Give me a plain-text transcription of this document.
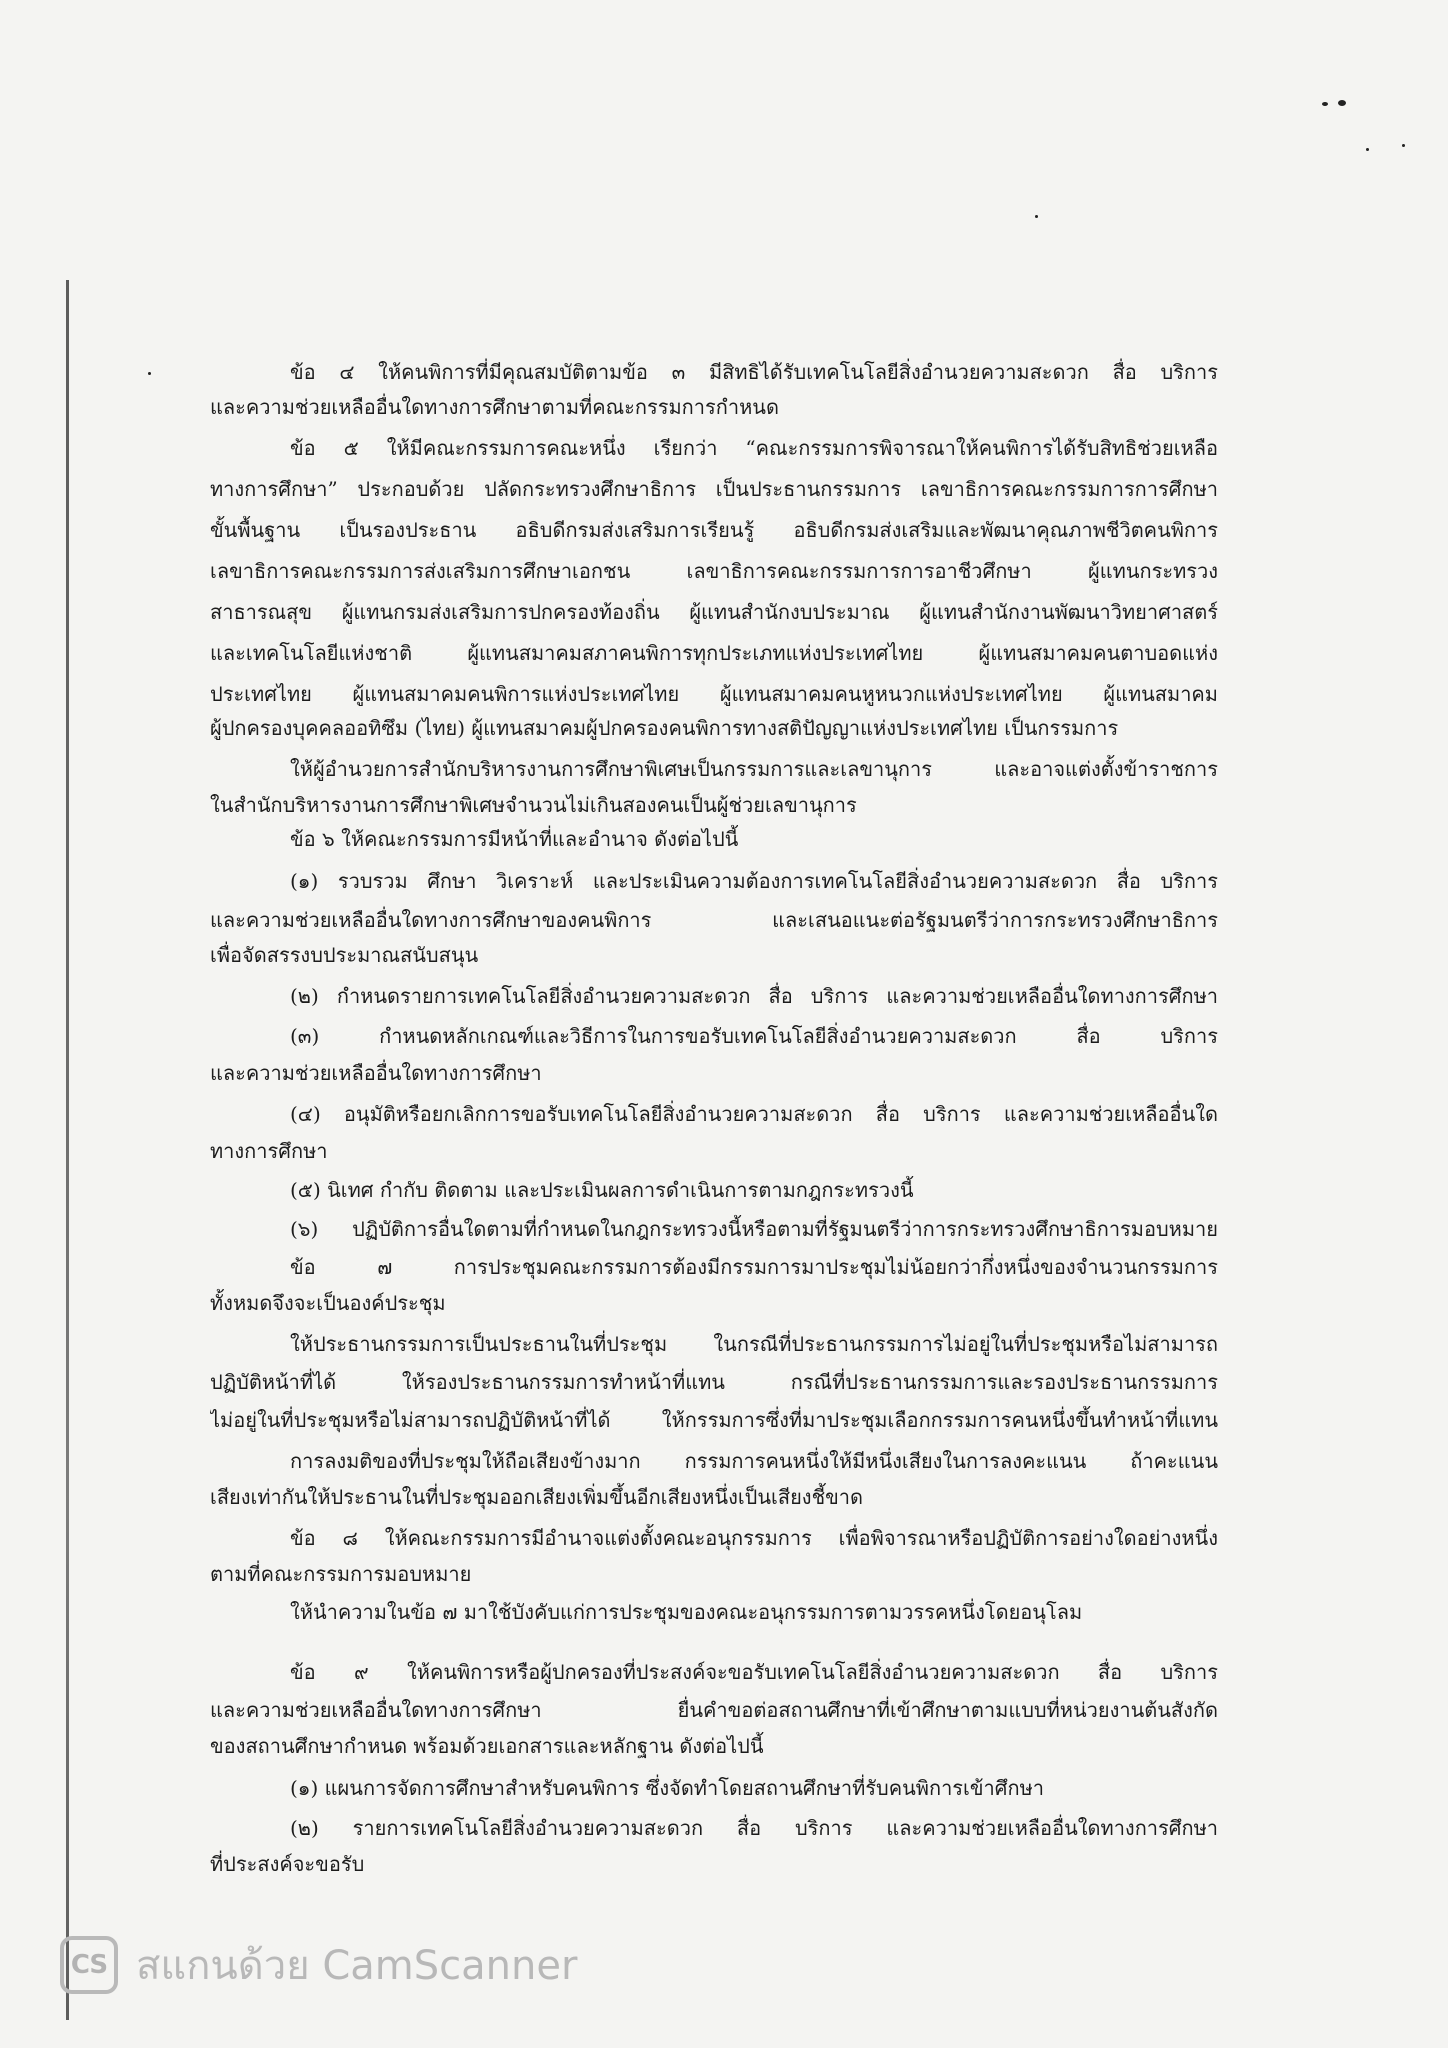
ข้อ ๔ ให้คนพิการที่มีคุณสมบัติตามข้อ ๓ มีสิทธิได้รับเทคโนโลยีสิ่งอำนวยความสะดวก สื่อ บริการ
และความช่วยเหลืออื่นใดทางการศึกษาตามที่คณะกรรมการกำหนด
ข้อ ๕ ให้มีคณะกรรมการคณะหนึ่ง เรียกว่า “คณะกรรมการพิจารณาให้คนพิการได้รับสิทธิช่วยเหลือ
ทางการศึกษา” ประกอบด้วย ปลัดกระทรวงศึกษาธิการ เป็นประธานกรรมการ เลขาธิการคณะกรรมการการศึกษา
ขั้นพื้นฐาน เป็นรองประธาน อธิบดีกรมส่งเสริมการเรียนรู้ อธิบดีกรมส่งเสริมและพัฒนาคุณภาพชีวิตคนพิการ
เลขาธิการคณะกรรมการส่งเสริมการศึกษาเอกชน เลขาธิการคณะกรรมการการอาชีวศึกษา ผู้แทนกระทรวง
สาธารณสุข ผู้แทนกรมส่งเสริมการปกครองท้องถิ่น ผู้แทนสำนักงบประมาณ ผู้แทนสำนักงานพัฒนาวิทยาศาสตร์
และเทคโนโลยีแห่งชาติ ผู้แทนสมาคมสภาคนพิการทุกประเภทแห่งประเทศไทย ผู้แทนสมาคมคนตาบอดแห่ง
ประเทศไทย ผู้แทนสมาคมคนพิการแห่งประเทศไทย ผู้แทนสมาคมคนหูหนวกแห่งประเทศไทย ผู้แทนสมาคม
ผู้ปกครองบุคคลออทิซึม (ไทย) ผู้แทนสมาคมผู้ปกครองคนพิการทางสติปัญญาแห่งประเทศไทย เป็นกรรมการ
ให้ผู้อำนวยการสำนักบริหารงานการศึกษาพิเศษเป็นกรรมการและเลขานุการ และอาจแต่งตั้งข้าราชการ
ในสำนักบริหารงานการศึกษาพิเศษจำนวนไม่เกินสองคนเป็นผู้ช่วยเลขานุการ
ข้อ ๖ ให้คณะกรรมการมีหน้าที่และอำนาจ ดังต่อไปนี้
(๑) รวบรวม ศึกษา วิเคราะห์ และประเมินความต้องการเทคโนโลยีสิ่งอำนวยความสะดวก สื่อ บริการ
และความช่วยเหลืออื่นใดทางการศึกษาของคนพิการ และเสนอแนะต่อรัฐมนตรีว่าการกระทรวงศึกษาธิการ
เพื่อจัดสรรงบประมาณสนับสนุน
(๒) กำหนดรายการเทคโนโลยีสิ่งอำนวยความสะดวก สื่อ บริการ และความช่วยเหลืออื่นใดทางการศึกษา
(๓) กำหนดหลักเกณฑ์และวิธีการในการขอรับเทคโนโลยีสิ่งอำนวยความสะดวก สื่อ บริการ
และความช่วยเหลืออื่นใดทางการศึกษา
(๔) อนุมัติหรือยกเลิกการขอรับเทคโนโลยีสิ่งอำนวยความสะดวก สื่อ บริการ และความช่วยเหลืออื่นใด
ทางการศึกษา
(๕) นิเทศ กำกับ ติดตาม และประเมินผลการดำเนินการตามกฎกระทรวงนี้
(๖) ปฏิบัติการอื่นใดตามที่กำหนดในกฎกระทรวงนี้หรือตามที่รัฐมนตรีว่าการกระทรวงศึกษาธิการมอบหมาย
ข้อ ๗ การประชุมคณะกรรมการต้องมีกรรมการมาประชุมไม่น้อยกว่ากึ่งหนึ่งของจำนวนกรรมการ
ทั้งหมดจึงจะเป็นองค์ประชุม
ให้ประธานกรรมการเป็นประธานในที่ประชุม ในกรณีที่ประธานกรรมการไม่อยู่ในที่ประชุมหรือไม่สามารถ
ปฏิบัติหน้าที่ได้ ให้รองประธานกรรมการทำหน้าที่แทน กรณีที่ประธานกรรมการและรองประธานกรรมการ
ไม่อยู่ในที่ประชุมหรือไม่สามารถปฏิบัติหน้าที่ได้ ให้กรรมการซึ่งที่มาประชุมเลือกกรรมการคนหนึ่งขึ้นทำหน้าที่แทน
การลงมติของที่ประชุมให้ถือเสียงข้างมาก กรรมการคนหนึ่งให้มีหนึ่งเสียงในการลงคะแนน ถ้าคะแนน
เสียงเท่ากันให้ประธานในที่ประชุมออกเสียงเพิ่มขึ้นอีกเสียงหนึ่งเป็นเสียงชี้ขาด
ข้อ ๘ ให้คณะกรรมการมีอำนาจแต่งตั้งคณะอนุกรรมการ เพื่อพิจารณาหรือปฏิบัติการอย่างใดอย่างหนึ่ง
ตามที่คณะกรรมการมอบหมาย
ให้นำความในข้อ ๗ มาใช้บังคับแก่การประชุมของคณะอนุกรรมการตามวรรคหนึ่งโดยอนุโลม
ข้อ ๙ ให้คนพิการหรือผู้ปกครองที่ประสงค์จะขอรับเทคโนโลยีสิ่งอำนวยความสะดวก สื่อ บริการ
และความช่วยเหลืออื่นใดทางการศึกษา ยื่นคำขอต่อสถานศึกษาที่เข้าศึกษาตามแบบที่หน่วยงานต้นสังกัด
ของสถานศึกษากำหนด พร้อมด้วยเอกสารและหลักฐาน ดังต่อไปนี้
(๑) แผนการจัดการศึกษาสำหรับคนพิการ ซึ่งจัดทำโดยสถานศึกษาที่รับคนพิการเข้าศึกษา
(๒) รายการเทคโนโลยีสิ่งอำนวยความสะดวก สื่อ บริการ และความช่วยเหลืออื่นใดทางการศึกษา
ที่ประสงค์จะขอรับ
CS สแกนด้วย CamScanner
